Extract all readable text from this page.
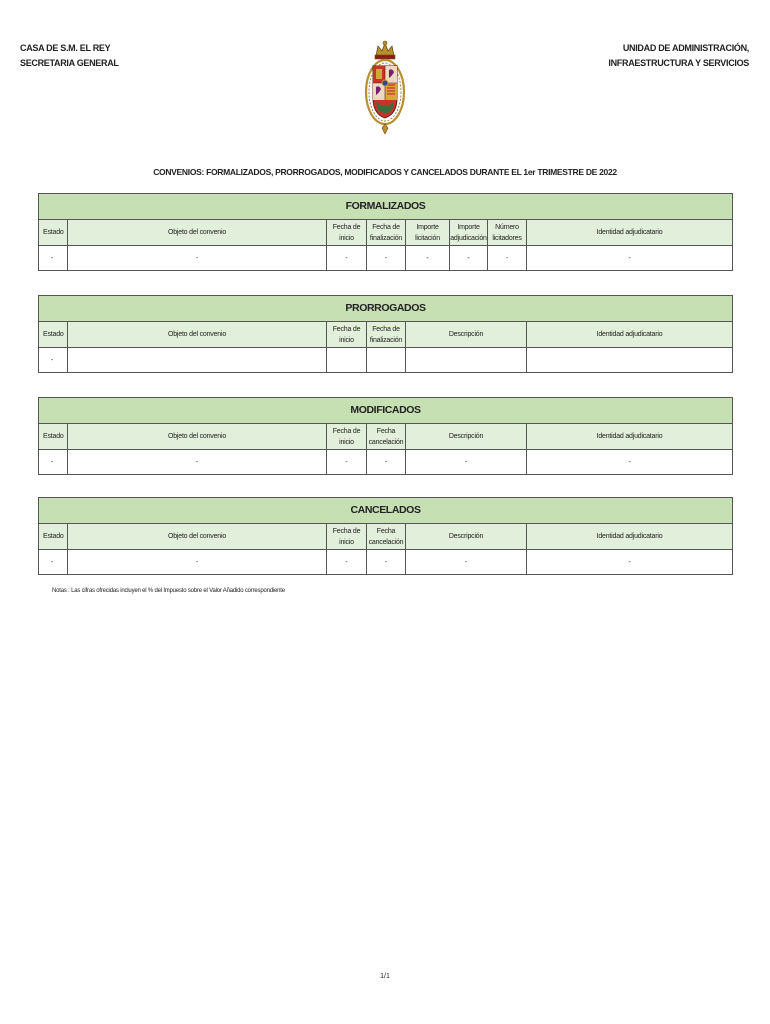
CASA DE S.M. EL REY
SECRETARIA GENERAL
UNIDAD DE ADMINISTRACIÓN,
INFRAESTRUCTURA Y SERVICIOS
CONVENIOS: FORMALIZADOS, PRORROGADOS, MODIFICADOS Y CANCELADOS DURANTE EL 1er TRIMESTRE DE 2022
FORMALIZADOS							
Estado	Objeto del convenio	Fecha de inicio	Fecha de finalización	Importe licitación	Importe adjudicación	Número licitadores	Identidad adjudicatario
-	-	-	-	-	-	-	-
PRORROGADOS					
Estado	Objeto del convenio	Fecha de inicio	Fecha de finalización	Descripción	Identidad adjudicatario
-					
MODIFICADOS					
Estado	Objeto del convenio	Fecha de inicio	Fecha cancelación	Descripción	Identidad adjudicatario
-	-	-	-	-	-
CANCELADOS					
Estado	Objeto del convenio	Fecha de inicio	Fecha cancelación	Descripción	Identidad adjudicatario
-	-	-	-	-	-
Notas : Las cifras ofrecidas incluyen el % del Impuesto sobre el Valor Añadido correspondiente
1/1
